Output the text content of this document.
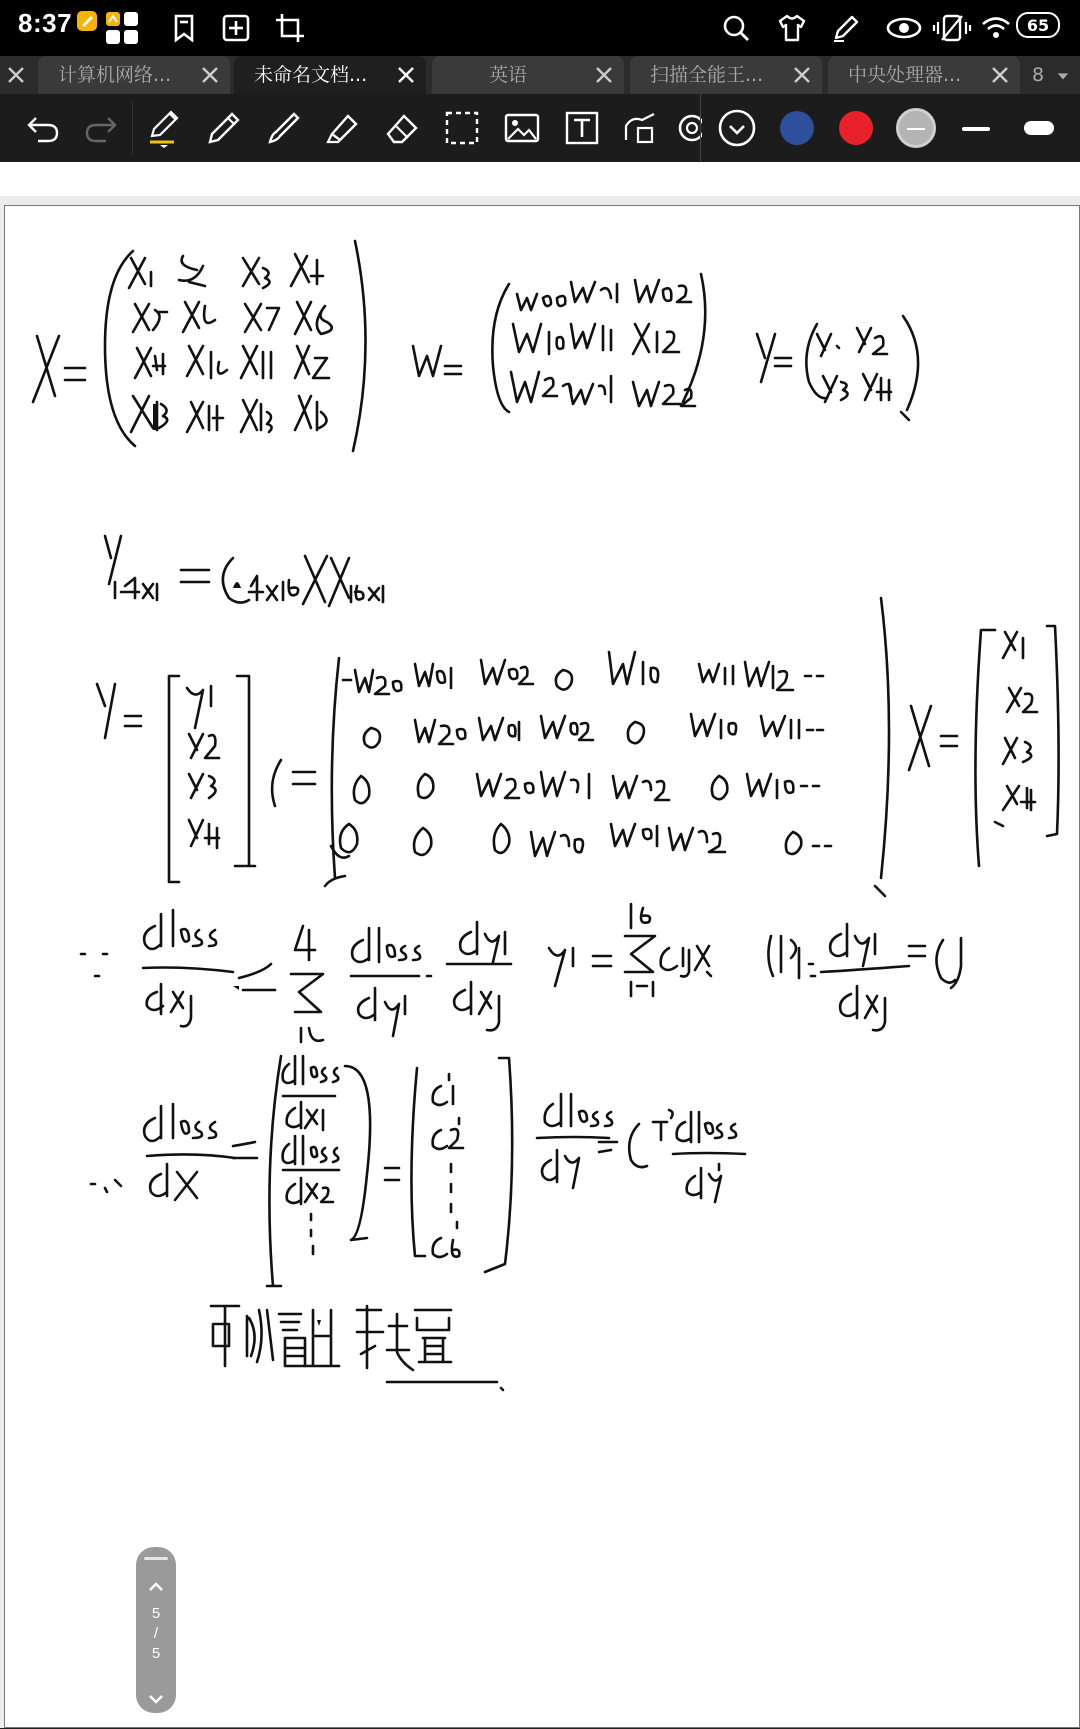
8:37	65
计算机网络...	未命名文档...	英语	扫描全能王...	中央处理器...	8
5
/
5
